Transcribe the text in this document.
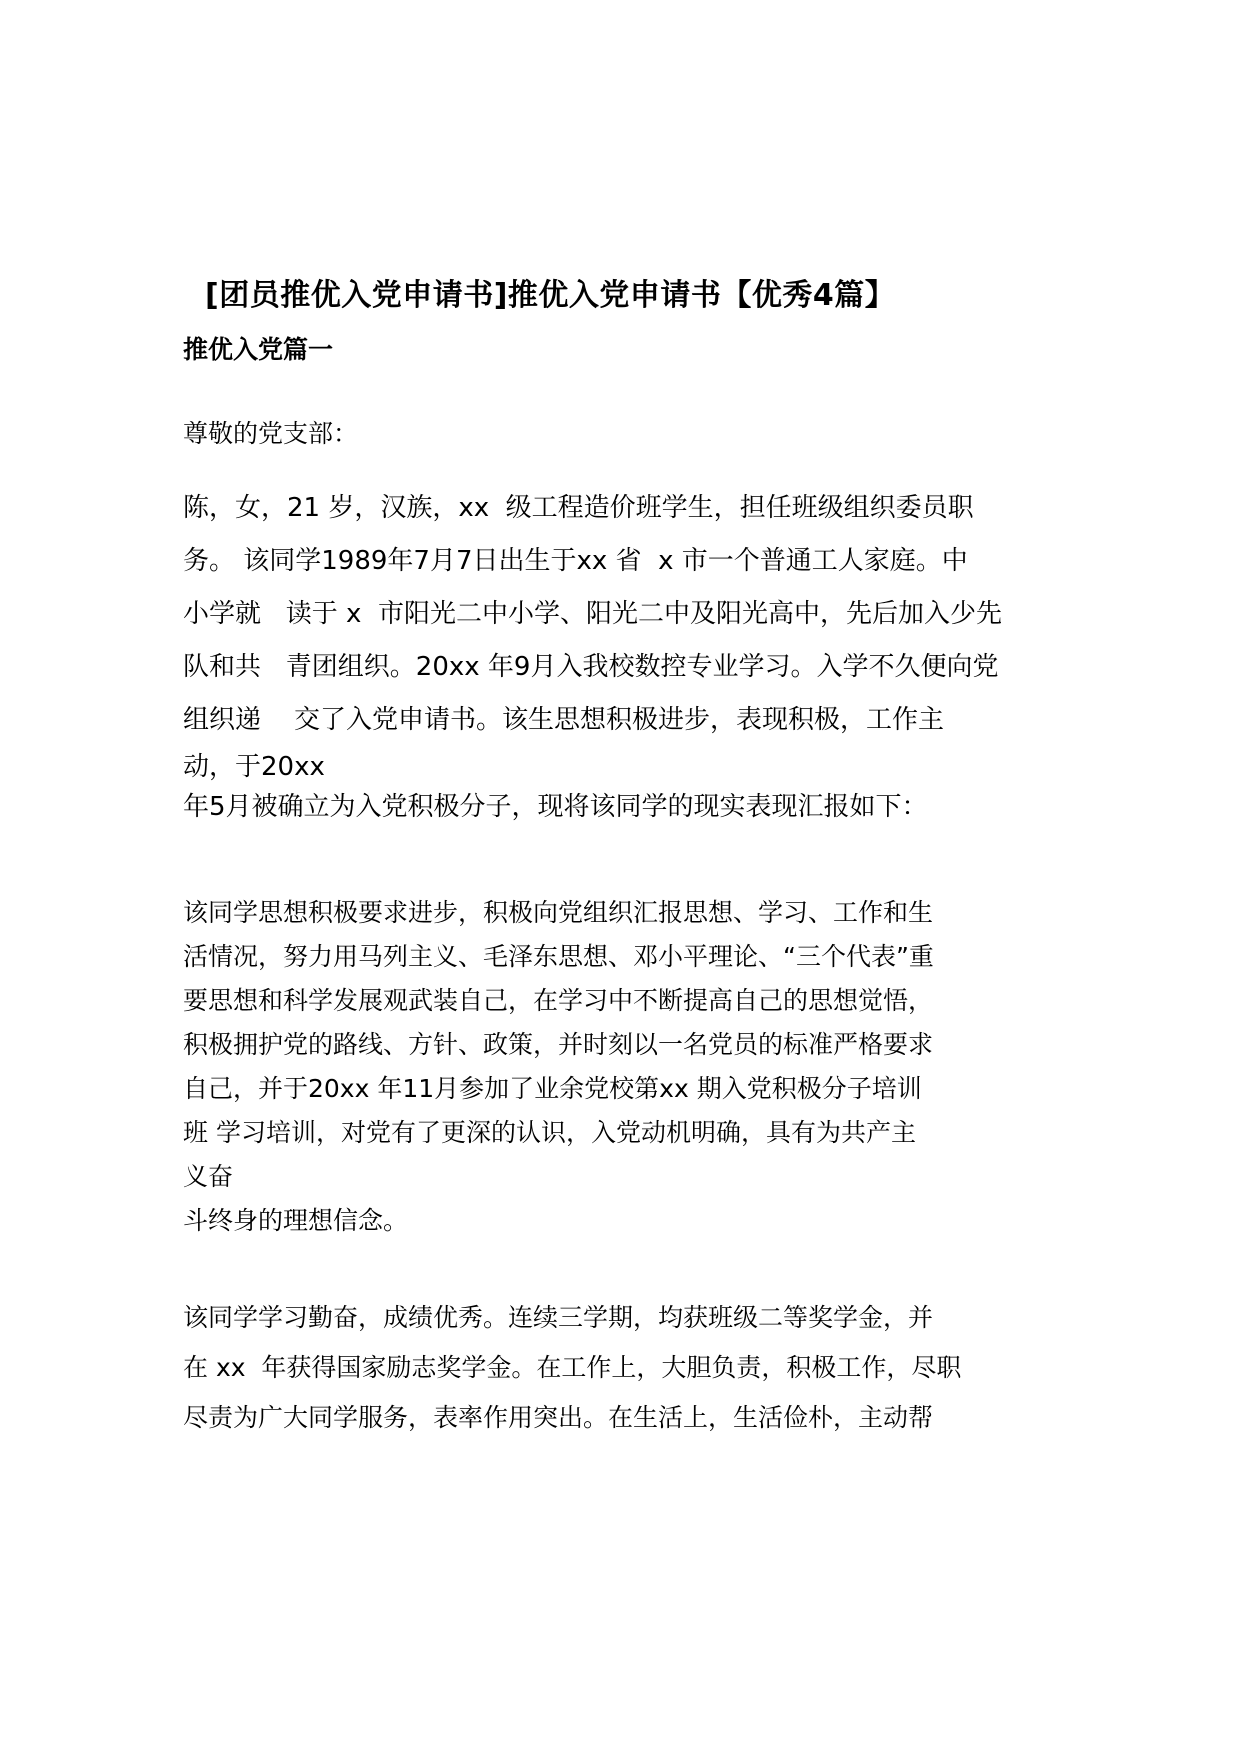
[团员推优入党申请书]推优入党申请书【优秀4篇】
推优入党篇一
尊敬的党支部：
陈，女，21 岁，汉族，xx  级工程造价班学生，担任班级组织委员职
务。 该同学1989年7月7日出生于xx 省  x 市一个普通工人家庭。中
小学就   读于 x  市阳光二中小学、阳光二中及阳光高中，先后加入少先
队和共   青团组织。20xx 年9月入我校数控专业学习。入学不久便向党
组织递    交了入党申请书。该生思想积极进步，表现积极，工作主
动，于20xx
年5月被确立为入党积极分子，现将该同学的现实表现汇报如下：
该同学思想积极要求进步，积极向党组织汇报思想、学习、工作和生
活情况，努力用马列主义、毛泽东思想、邓小平理论、“三个代表”重
要思想和科学发展观武装自己，在学习中不断提高自己的思想觉悟，
积极拥护党的路线、方针、政策，并时刻以一名党员的标准严格要求
自己，并于20xx 年11月参加了业余党校第xx 期入党积极分子培训
班 学习培训，对党有了更深的认识，入党动机明确，具有为共产主
义奋
斗终身的理想信念。
该同学学习勤奋，成绩优秀。连续三学期，均获班级二等奖学金，并
在 xx  年获得国家励志奖学金。在工作上，大胆负责，积极工作，尽职
尽责为广大同学服务，表率作用突出。在生活上，生活俭朴，主动帮
